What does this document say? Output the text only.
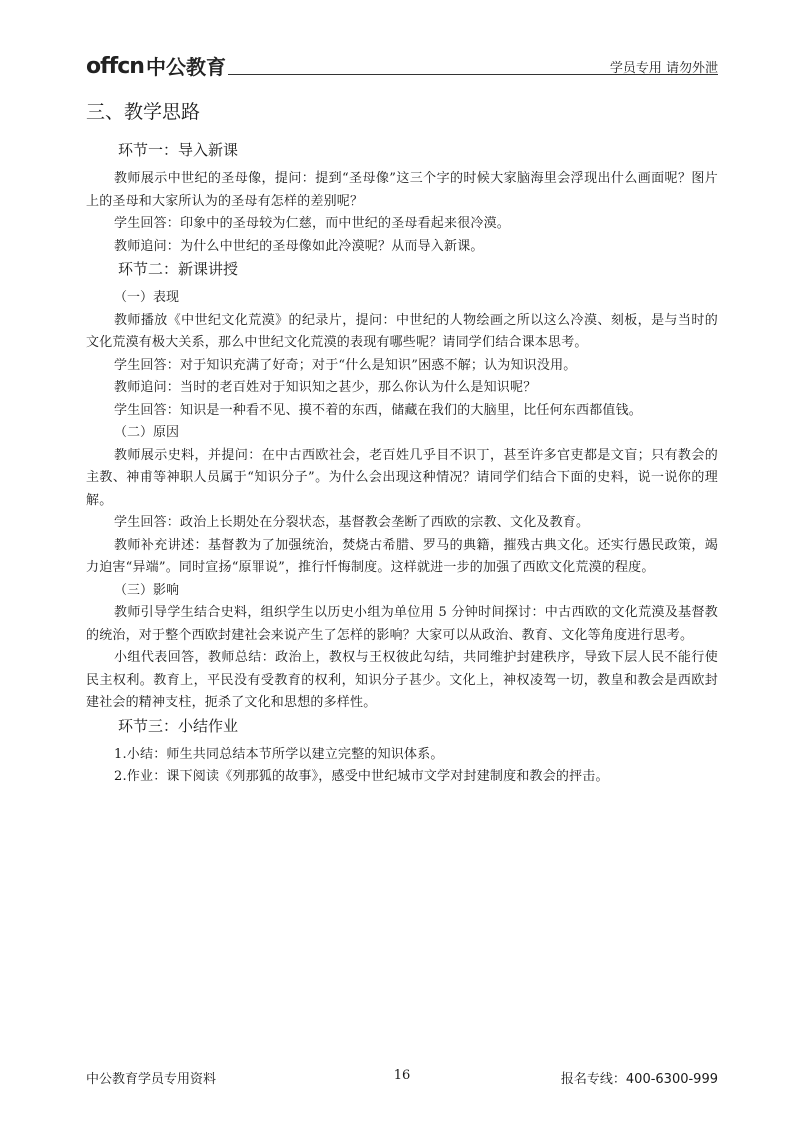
offcn 中公教育	学员专用 请勿外泄
三、教学思路
环节一：导入新课

教师展示中世纪的圣母像，提问：提到“圣母像”这三个字的时候大家脑海里会浮现出什么画面呢？图片上的圣母和大家所认为的圣母有怎样的差别呢？

学生回答：印象中的圣母较为仁慈，而中世纪的圣母看起来很冷漠。

教师追问：为什么中世纪的圣母像如此冷漠呢？从而导入新课。

环节二：新课讲授

（一）表现

教师播放《中世纪文化荒漠》的纪录片，提问：中世纪的人物绘画之所以这么冷漠、刻板，是与当时的文化荒漠有极大关系，那么中世纪文化荒漠的表现有哪些呢？请同学们结合课本思考。

学生回答：对于知识充满了好奇；对于“什么是知识”困惑不解；认为知识没用。

教师追问：当时的老百姓对于知识知之甚少，那么你认为什么是知识呢？

学生回答：知识是一种看不见、摸不着的东西，储藏在我们的大脑里，比任何东西都值钱。

（二）原因

教师展示史料，并提问：在中古西欧社会，老百姓几乎目不识丁，甚至许多官吏都是文盲；只有教会的主教、神甫等神职人员属于“知识分子”。为什么会出现这种情况？请同学们结合下面的史料，说一说你的理解。

学生回答：政治上长期处在分裂状态，基督教会垄断了西欧的宗教、文化及教育。

教师补充讲述：基督教为了加强统治，焚烧古希腊、罗马的典籍，摧残古典文化。还实行愚民政策，竭力迫害“异端”。同时宣扬“原罪说”，推行忏悔制度。这样就进一步的加强了西欧文化荒漠的程度。

（三）影响

教师引导学生结合史料，组织学生以历史小组为单位用 5 分钟时间探讨：中古西欧的文化荒漠及基督教的统治，对于整个西欧封建社会来说产生了怎样的影响？大家可以从政治、教育、文化等角度进行思考。

小组代表回答，教师总结：政治上，教权与王权彼此勾结，共同维护封建秩序，导致下层人民不能行使民主权利。教育上，平民没有受教育的权利，知识分子甚少。文化上，神权凌驾一切，教皇和教会是西欧封建社会的精神支柱，扼杀了文化和思想的多样性。

环节三：小结作业

1.小结：师生共同总结本节所学以建立完整的知识体系。

2.作业：课下阅读《列那狐的故事》，感受中世纪城市文学对封建制度和教会的抨击。

中公教育学员专用资料	16	报名专线：400-6300-999
